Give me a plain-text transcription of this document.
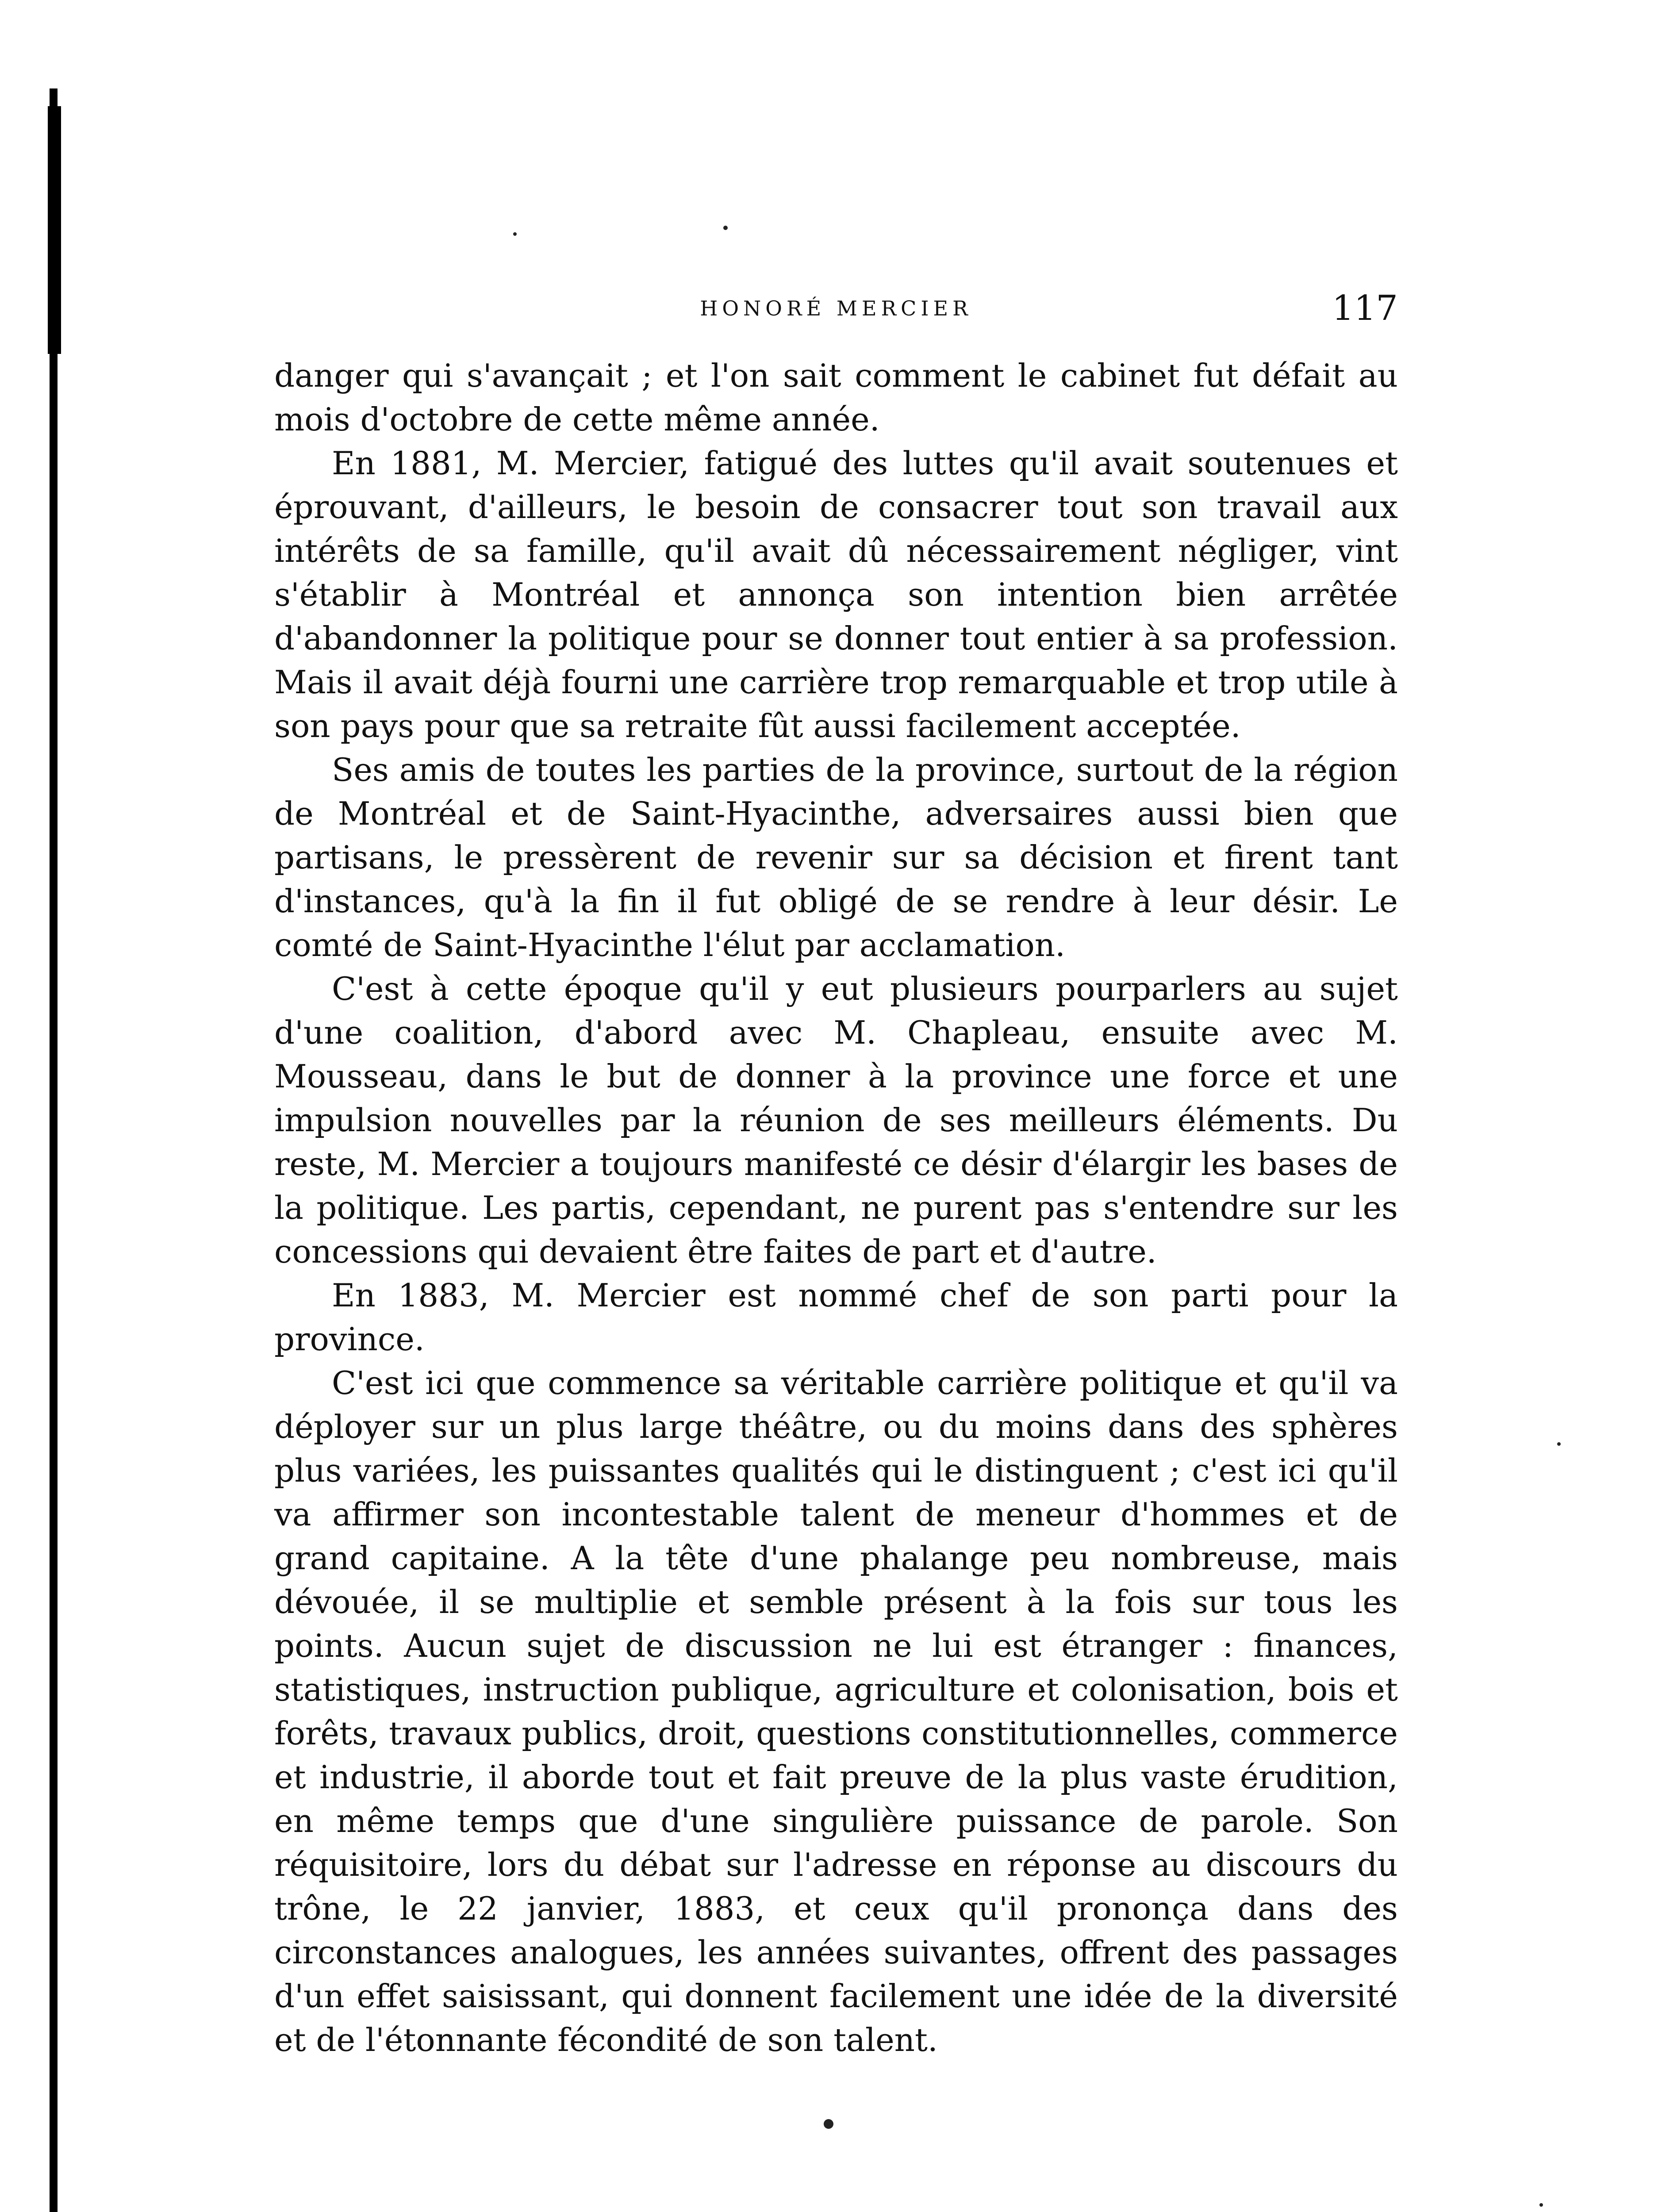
HONORÉ MERCIER	117

danger qui s'avançait ; et l'on sait comment le cabinet fut défait au mois d'octobre de cette même année.

En 1881, M. Mercier, fatigué des luttes qu'il avait soutenues et éprouvant, d'ailleurs, le besoin de consacrer tout son travail aux intérêts de sa famille, qu'il avait dû nécessairement négliger, vint s'établir à Montréal et annonça son intention bien arrêtée d'abandonner la politique pour se donner tout entier à sa profession. Mais il avait déjà fourni une carrière trop remarquable et trop utile à son pays pour que sa retraite fût aussi facilement acceptée.

Ses amis de toutes les parties de la province, surtout de la région de Montréal et de Saint-Hyacinthe, adversaires aussi bien que partisans, le pressèrent de revenir sur sa décision et firent tant d'instances, qu'à la fin il fut obligé de se rendre à leur désir. Le comté de Saint-Hyacinthe l'élut par acclamation.

C'est à cette époque qu'il y eut plusieurs pourparlers au sujet d'une coalition, d'abord avec M. Chapleau, ensuite avec M. Mousseau, dans le but de donner à la province une force et une impulsion nouvelles par la réunion de ses meilleurs éléments. Du reste, M. Mercier a toujours manifesté ce désir d'élargir les bases de la politique. Les partis, cependant, ne purent pas s'entendre sur les concessions qui devaient être faites de part et d'autre.

En 1883, M. Mercier est nommé chef de son parti pour la province.

C'est ici que commence sa véritable carrière politique et qu'il va déployer sur un plus large théâtre, ou du moins dans des sphères plus variées, les puissantes qualités qui le distinguent ; c'est ici qu'il va affirmer son incontestable talent de meneur d'hommes et de grand capitaine. A la tête d'une phalange peu nombreuse, mais dévouée, il se multiplie et semble présent à la fois sur tous les points. Aucun sujet de discussion ne lui est étranger : finances, statistiques, instruction publique, agriculture et colonisation, bois et forêts, travaux publics, droit, questions constitutionnelles, commerce et industrie, il aborde tout et fait preuve de la plus vaste érudition, en même temps que d'une singulière puissance de parole. Son réquisitoire, lors du débat sur l'adresse en réponse au discours du trône, le 22 janvier, 1883, et ceux qu'il prononça dans des circonstances analogues, les années suivantes, offrent des passages d'un effet saisissant, qui donnent facilement une idée de la diversité et de l'étonnante fécondité de son talent.
